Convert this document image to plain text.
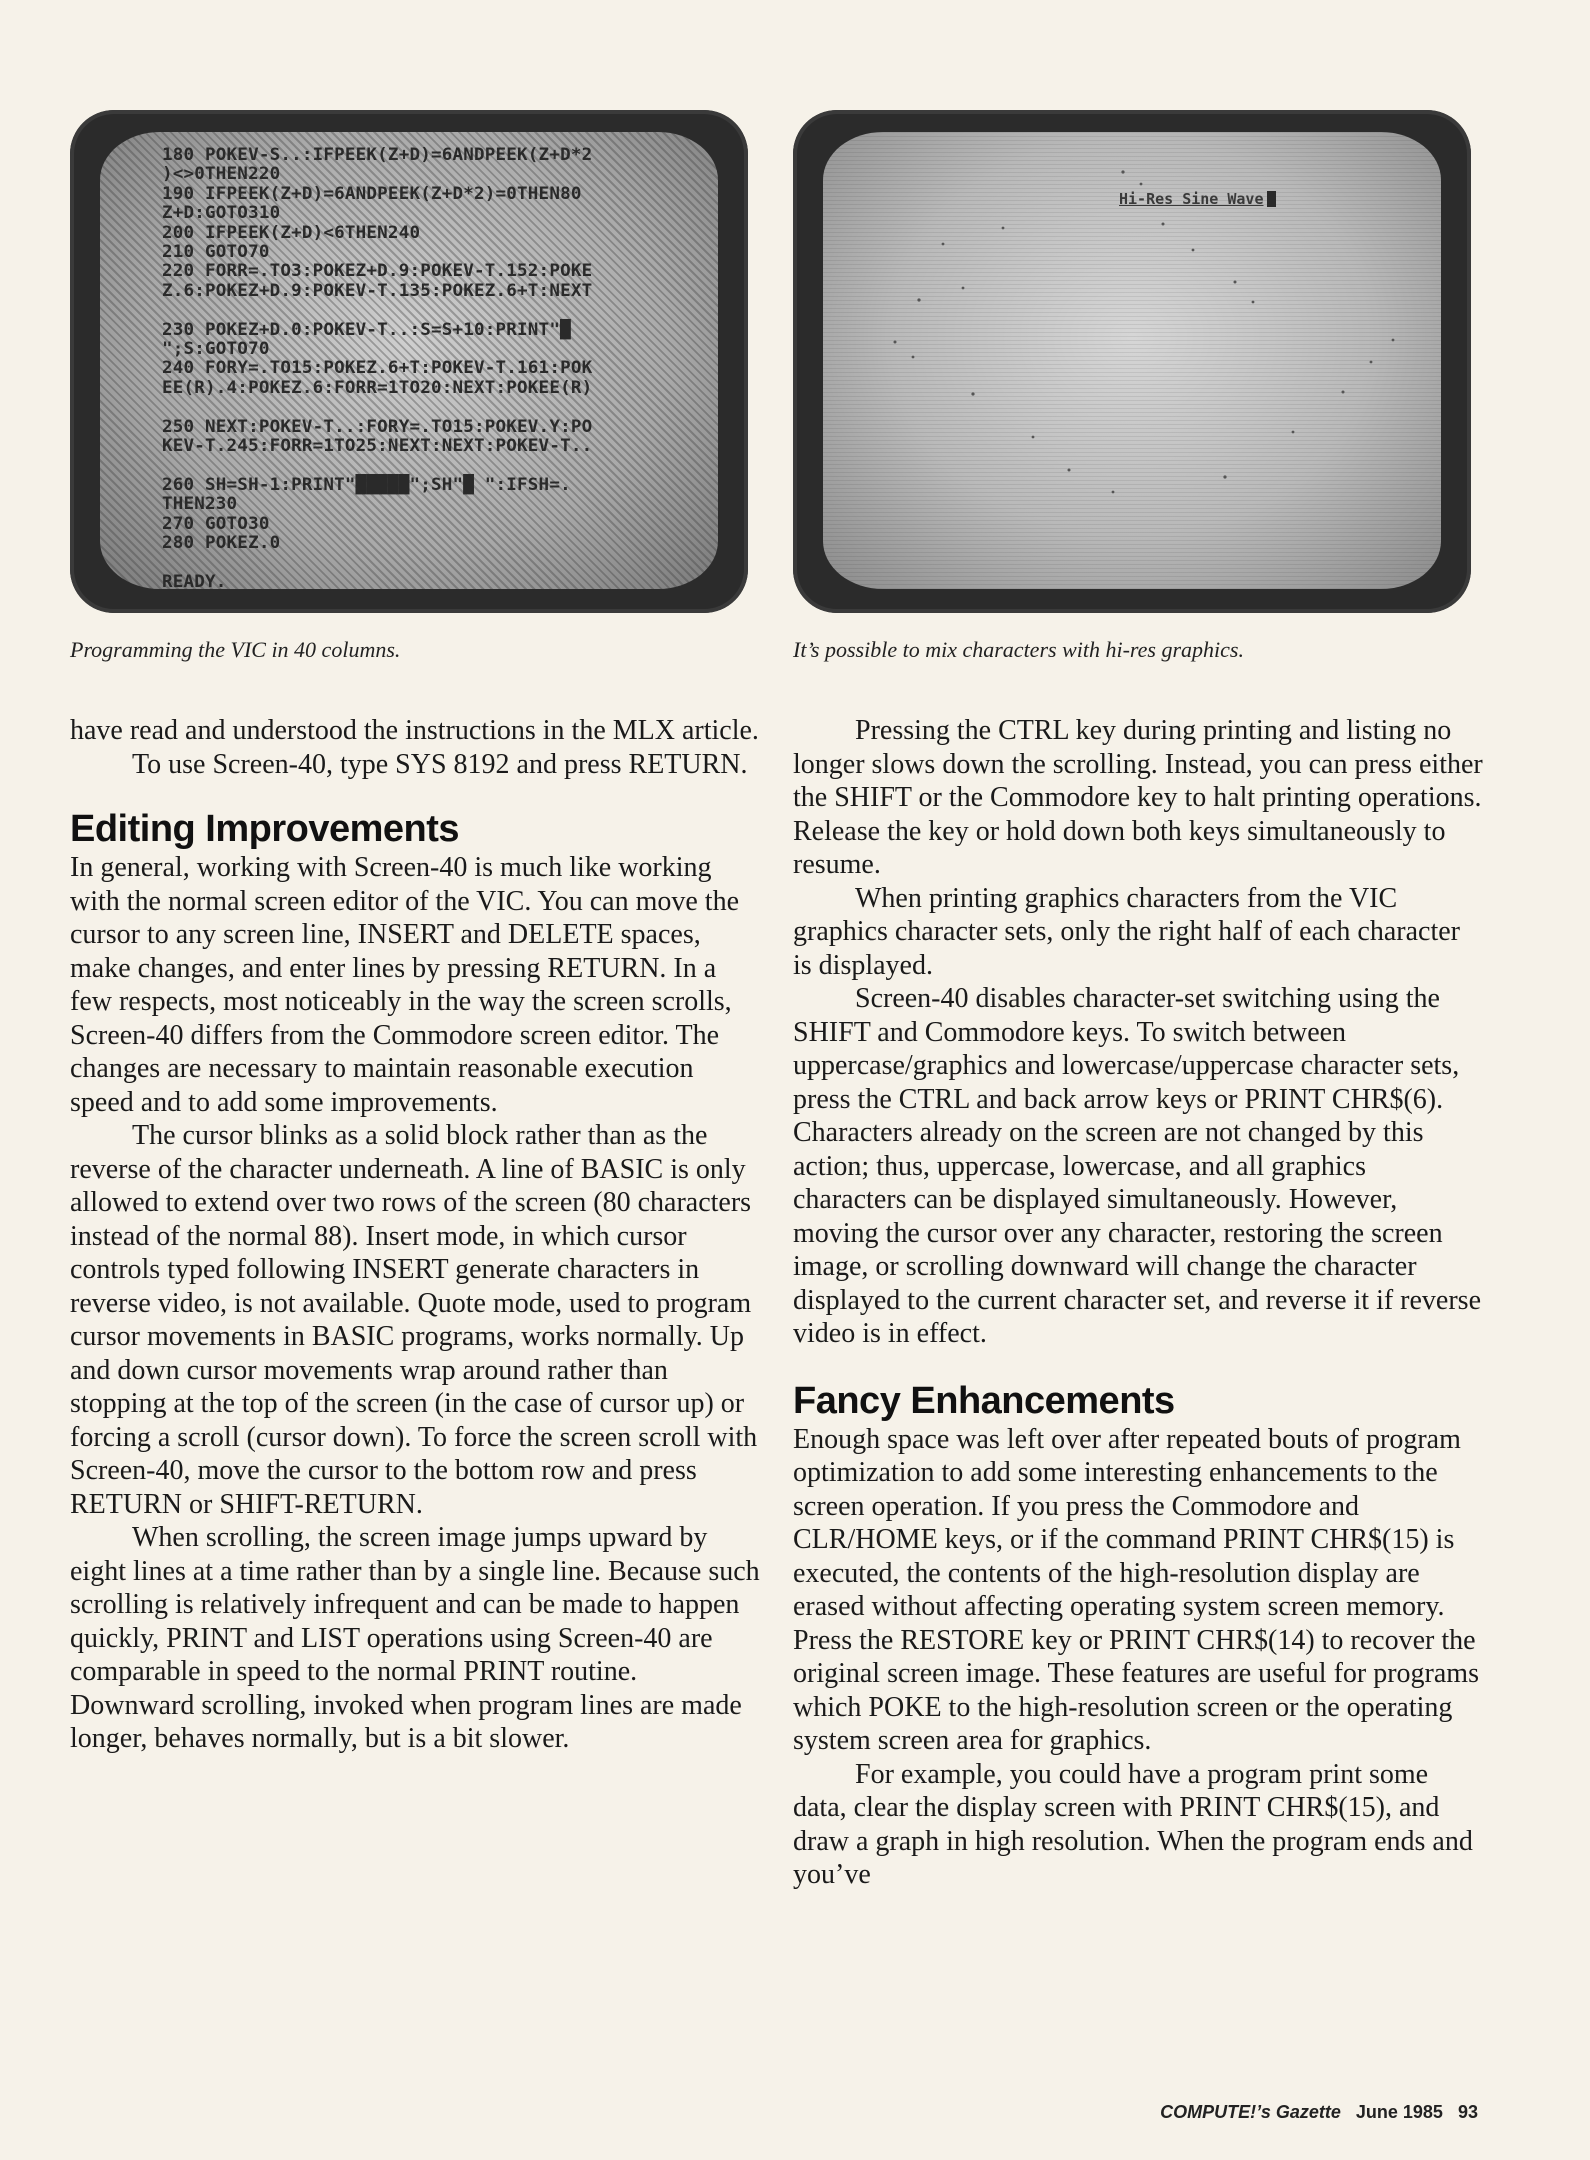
180 POKEV-S..:IFPEEK(Z+D)=6ANDPEEK(Z+D*2
)<>0THEN220
190 IFPEEK(Z+D)=6ANDPEEK(Z+D*2)=0THEN80
Z+D:GOTO310
200 IFPEEK(Z+D)<6THEN240
210 GOTO70
220 FORR=.TO3:POKEZ+D.9:POKEV-T.152:POKE
Z.6:POKEZ+D.9:POKEV-T.135:POKEZ.6+T:NEXT

230 POKEZ+D.0:POKEV-T..:S=S+10:PRINT"█
";S:GOTO70
240 FORY=.TO15:POKEZ.6+T:POKEV-T.161:POK
EE(R).4:POKEZ.6:FORR=1TO20:NEXT:POKEE(R)

250 NEXT:POKEV-T..:FORY=.TO15:POKEV.Y:PO
KEV-T.245:FORR=1TO25:NEXT:NEXT:POKEV-T..

260 SH=SH-1:PRINT"█████";SH"█ ":IFSH=.
THEN230
270 GOTO30
280 POKEZ.0

READY.
Programming the VIC in 40 columns.
Hi-Res Sine Wave
It’s possible to mix characters with hi-res graphics.

have read and understood the instructions in the MLX article.

To use Screen-40, type SYS 8192 and press RETURN.

Editing Improvements

In general, working with Screen-40 is much like working with the normal screen editor of the VIC. You can move the cursor to any screen line, INSERT and DELETE spaces, make changes, and enter lines by pressing RETURN. In a few respects, most noticeably in the way the screen scrolls, Screen-40 differs from the Commodore screen editor. The changes are necessary to maintain reasonable execution speed and to add some improvements.

The cursor blinks as a solid block rather than as the reverse of the character underneath. A line of BASIC is only allowed to extend over two rows of the screen (80 characters instead of the normal 88). Insert mode, in which cursor controls typed following INSERT generate characters in reverse video, is not available. Quote mode, used to program cursor movements in BASIC programs, works normally. Up and down cursor movements wrap around rather than stopping at the top of the screen (in the case of cursor up) or forcing a scroll (cursor down). To force the screen scroll with Screen-40, move the cursor to the bottom row and press RETURN or SHIFT-RETURN.

When scrolling, the screen image jumps upward by eight lines at a time rather than by a single line. Because such scrolling is relatively infrequent and can be made to happen quickly, PRINT and LIST operations using Screen-40 are comparable in speed to the normal PRINT routine. Downward scrolling, invoked when program lines are made longer, behaves normally, but is a bit slower.

Pressing the CTRL key during printing and listing no longer slows down the scrolling. Instead, you can press either the SHIFT or the Commodore key to halt printing operations. Release the key or hold down both keys simultaneously to resume.

When printing graphics characters from the VIC graphics character sets, only the right half of each character is displayed.

Screen-40 disables character-set switching using the SHIFT and Commodore keys. To switch between uppercase/graphics and lowercase/uppercase character sets, press the CTRL and back arrow keys or PRINT CHR$(6). Characters already on the screen are not changed by this action; thus, uppercase, lowercase, and all graphics characters can be displayed simultaneously. However, moving the cursor over any character, restoring the screen image, or scrolling downward will change the character displayed to the current character set, and reverse it if reverse video is in effect.

Fancy Enhancements

Enough space was left over after repeated bouts of program optimization to add some interesting enhancements to the screen operation. If you press the Commodore and CLR/HOME keys, or if the command PRINT CHR$(15) is executed, the contents of the high-resolution display are erased without affecting operating system screen memory. Press the RESTORE key or PRINT CHR$(14) to recover the original screen image. These features are useful for programs which POKE to the high-resolution screen or the operating system screen area for graphics.

For example, you could have a program print some data, clear the display screen with PRINT CHR$(15), and draw a graph in high resolution. When the program ends and you’ve

COMPUTE!’s Gazette June 1985 93
